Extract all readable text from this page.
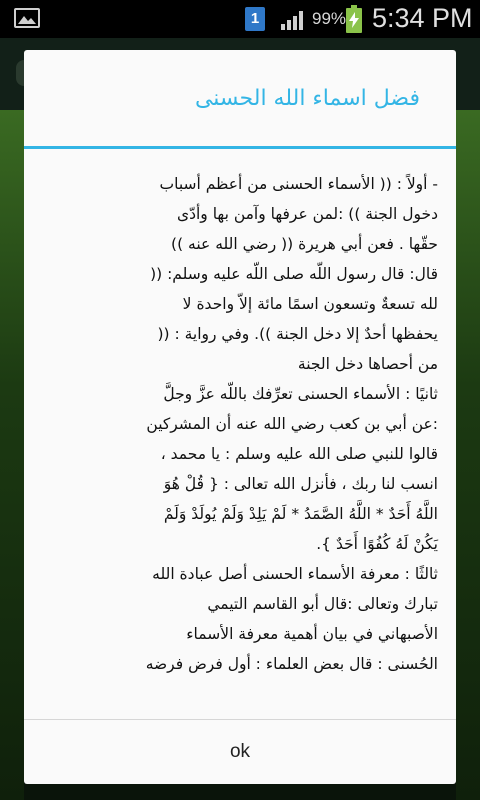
1	99% 5:34 PM
فضل اسماء الله الحسنى

- أولاً : (( الأسماء الحسنى من أعظم أسباب

دخول الجنة )) :لمن عرفها وآمن بها وأدّى

حقّها . فعن أبي هريرة (( رضي الله عنه ))

قال: قال رسول اللّه صلى اللّه عليه وسلم: ((

لله تسعةٌ وتسعون اسمًا مائة إلاّ واحدة لا

يحفظها أحدٌ إلا دخل الجنة )). وفي رواية : ((

من أحصاها دخل الجنة

ثانيًا : الأسماء الحسنى تعرِّفك باللّه عزَّ وجلَّ

:عن أبي بن كعب رضي الله عنه أن المشركين

قالوا للنبي صلى الله عليه وسلم : يا محمد ،

انسب لنا ربك ، فأنزل الله تعالى : { قُلْ هُوَ

اللَّهُ أَحَدٌ * اللَّهُ الصَّمَدُ * لَمْ يَلِدْ وَلَمْ يُولَدْ وَلَمْ

يَكُنْ لَهُ كُفُوًا أَحَدٌ }.

ثالثًا : معرفة الأسماء الحسنى أصل عبادة الله

تبارك وتعالى :قال أبو القاسم التيمي

الأصبهاني في بيان أهمية معرفة الأسماء

الحُسنى : قال بعض العلماء : أول فرض فرضه

ok
